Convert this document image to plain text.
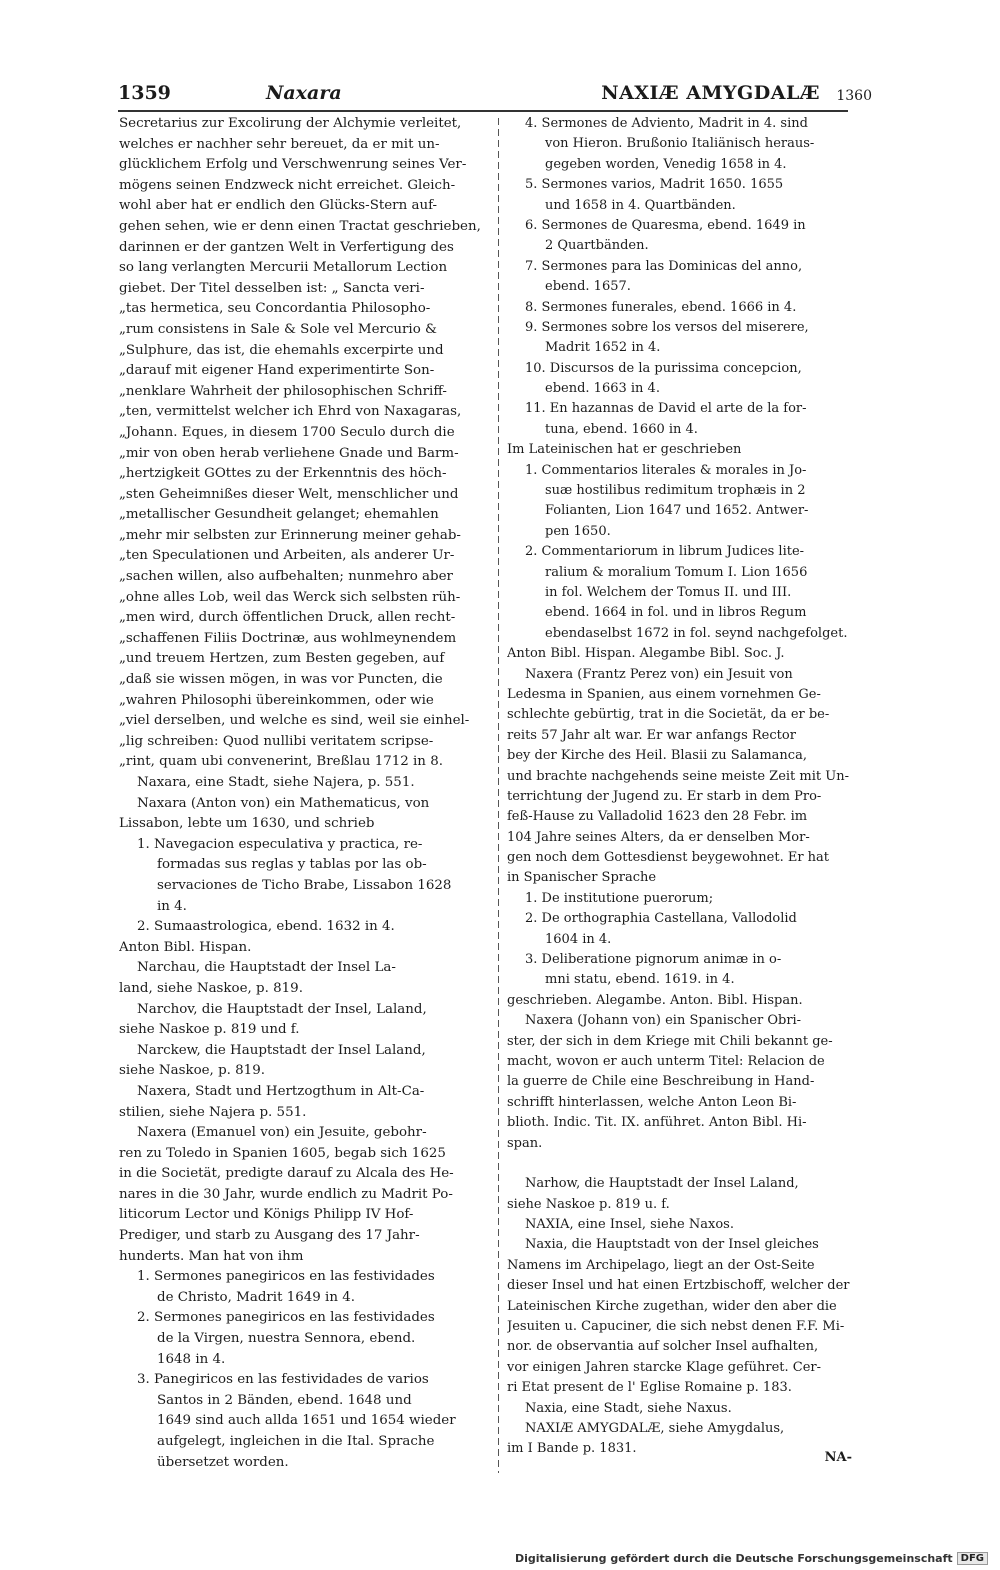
1359	Naxara	NAXIÆ AMYGDALÆ 1360
Secretarius zur Excolirung der Alchymie verleitet,
welches er nachher sehr bereuet, da er mit un-
glücklichem Erfolg und Verschwenrung seines Ver-
mögens seinen Endzweck nicht erreichet. Gleich-
wohl aber hat er endlich den Glücks-Stern auf-
gehen sehen, wie er denn einen Tractat geschrieben,
darinnen er der gantzen Welt in Verfertigung des
so lang verlangten Mercurii Metallorum Lection
giebet. Der Titel desselben ist: „ Sancta veri-
„tas hermetica, seu Concordantia Philosopho-
„rum consistens in Sale & Sole vel Mercurio &
„Sulphure, das ist, die ehemahls excerpirte und
„darauf mit eigener Hand experimentirte Son-
„nenklare Wahrheit der philosophischen Schriff-
„ten, vermittelst welcher ich Ehrd von Naxagaras,
„Johann. Eques, in diesem 1700 Seculo durch die
„mir von oben herab verliehene Gnade und Barm-
„hertzigkeit GOttes zu der Erkenntnis des höch-
„sten Geheimnißes dieser Welt, menschlicher und
„metallischer Gesundheit gelanget; ehemahlen
„mehr mir selbsten zur Erinnerung meiner gehab-
„ten Speculationen und Arbeiten, als anderer Ur-
„sachen willen, also aufbehalten; nunmehro aber
„ohne alles Lob, weil das Werck sich selbsten rüh-
„men wird, durch öffentlichen Druck, allen recht-
„schaffenen Filiis Doctrinæ, aus wohlmeynendem
„und treuem Hertzen, zum Besten gegeben, auf
„daß sie wissen mögen, in was vor Puncten, die
„wahren Philosophi übereinkommen, oder wie
„viel derselben, und welche es sind, weil sie einhel-
„lig schreiben: Quod nullibi veritatem scripse-
„rint, quam ubi convenerint, Breßlau 1712 in 8.
Naxara, eine Stadt, siehe Najera, p. 551.
Naxara (Anton von) ein Mathematicus, von
Lissabon, lebte um 1630, und schrieb
1. Navegacion especulativa y practica, re-
formadas sus reglas y tablas por las ob-
servaciones de Ticho Brabe, Lissabon 1628
in 4.
2. Sumaastrologica, ebend. 1632 in 4.
Anton Bibl. Hispan.
Narchau, die Hauptstadt der Insel La-
land, siehe Naskoe, p. 819.
Narchov, die Hauptstadt der Insel, Laland,
siehe Naskoe p. 819 und f.
Narckew, die Hauptstadt der Insel Laland,
siehe Naskoe, p. 819.
Naxera, Stadt und Hertzogthum in Alt-Ca-
stilien, siehe Najera p. 551.
Naxera (Emanuel von) ein Jesuite, gebohr-
ren zu Toledo in Spanien 1605, begab sich 1625
in die Societät, predigte darauf zu Alcala des He-
nares in die 30 Jahr, wurde endlich zu Madrit Po-
liticorum Lector und Königs Philipp IV Hof-
Prediger, und starb zu Ausgang des 17 Jahr-
hunderts. Man hat von ihm
1. Sermones panegiricos en las festividades
de Christo, Madrit 1649 in 4.
2. Sermones panegiricos en las festividades
de la Virgen, nuestra Sennora, ebend.
1648 in 4.
3. Panegiricos en las festividades de varios
Santos in 2 Bänden, ebend. 1648 und
1649 sind auch allda 1651 und 1654 wieder
aufgelegt, ingleichen in die Ital. Sprache
übersetzet worden.
4. Sermones de Adviento, Madrit in 4. sind
von Hieron. Brußonio Italiänisch heraus-
gegeben worden, Venedig 1658 in 4.
5. Sermones varios, Madrit 1650. 1655
und 1658 in 4. Quartbänden.
6. Sermones de Quaresma, ebend. 1649 in
2 Quartbänden.
7. Sermones para las Dominicas del anno,
ebend. 1657.
8. Sermones funerales, ebend. 1666 in 4.
9. Sermones sobre los versos del miserere,
Madrit 1652 in 4.
10. Discursos de la purissima concepcion,
ebend. 1663 in 4.
11. En hazannas de David el arte de la for-
tuna, ebend. 1660 in 4.
Im Lateinischen hat er geschrieben
1. Commentarios literales & morales in Jo-
suæ hostilibus redimitum trophæis in 2
Folianten, Lion 1647 und 1652. Antwer-
pen 1650.
2. Commentariorum in librum Judices lite-
ralium & moralium Tomum I. Lion 1656
in fol. Welchem der Tomus II. und III.
ebend. 1664 in fol. und in libros Regum
ebendaselbst 1672 in fol. seynd nachgefolget.
Anton Bibl. Hispan. Alegambe Bibl. Soc. J.
Naxera (Frantz Perez von) ein Jesuit von
Ledesma in Spanien, aus einem vornehmen Ge-
schlechte gebürtig, trat in die Societät, da er be-
reits 57 Jahr alt war. Er war anfangs Rector
bey der Kirche des Heil. Blasii zu Salamanca,
und brachte nachgehends seine meiste Zeit mit Un-
terrichtung der Jugend zu. Er starb in dem Pro-
feß-Hause zu Valladolid 1623 den 28 Febr. im
104 Jahre seines Alters, da er denselben Mor-
gen noch dem Gottesdienst beygewohnet. Er hat
in Spanischer Sprache
1. De institutione puerorum;
2. De orthographia Castellana, Vallodolid
1604 in 4.
3. Deliberatione pignorum animæ in o-
mni statu, ebend. 1619. in 4.
geschrieben. Alegambe. Anton. Bibl. Hispan.
Naxera (Johann von) ein Spanischer Obri-
ster, der sich in dem Kriege mit Chili bekannt ge-
macht, wovon er auch unterm Titel: Relacion de
la guerre de Chile eine Beschreibung in Hand-
schrifft hinterlassen, welche Anton Leon Bi-
blioth. Indic. Tit. IX. anführet. Anton Bibl. Hi-
span.
Narhow, die Hauptstadt der Insel Laland,
siehe Naskoe p. 819 u. f.
NAXIA, eine Insel, siehe Naxos.
Naxia, die Hauptstadt von der Insel gleiches
Namens im Archipelago, liegt an der Ost-Seite
dieser Insel und hat einen Ertzbischoff, welcher der
Lateinischen Kirche zugethan, wider den aber die
Jesuiten u. Capuciner, die sich nebst denen F.F. Mi-
nor. de observantia auf solcher Insel aufhalten,
vor einigen Jahren starcke Klage geführet. Cer-
ri Etat present de l' Eglise Romaine p. 183.
Naxia, eine Stadt, siehe Naxus.
NAXIÆ AMYGDALÆ, siehe Amygdalus,
im I Bande p. 1831.
NA-
Digitalisierung gefördert durch die Deutsche Forschungsgemeinschaft DFG
